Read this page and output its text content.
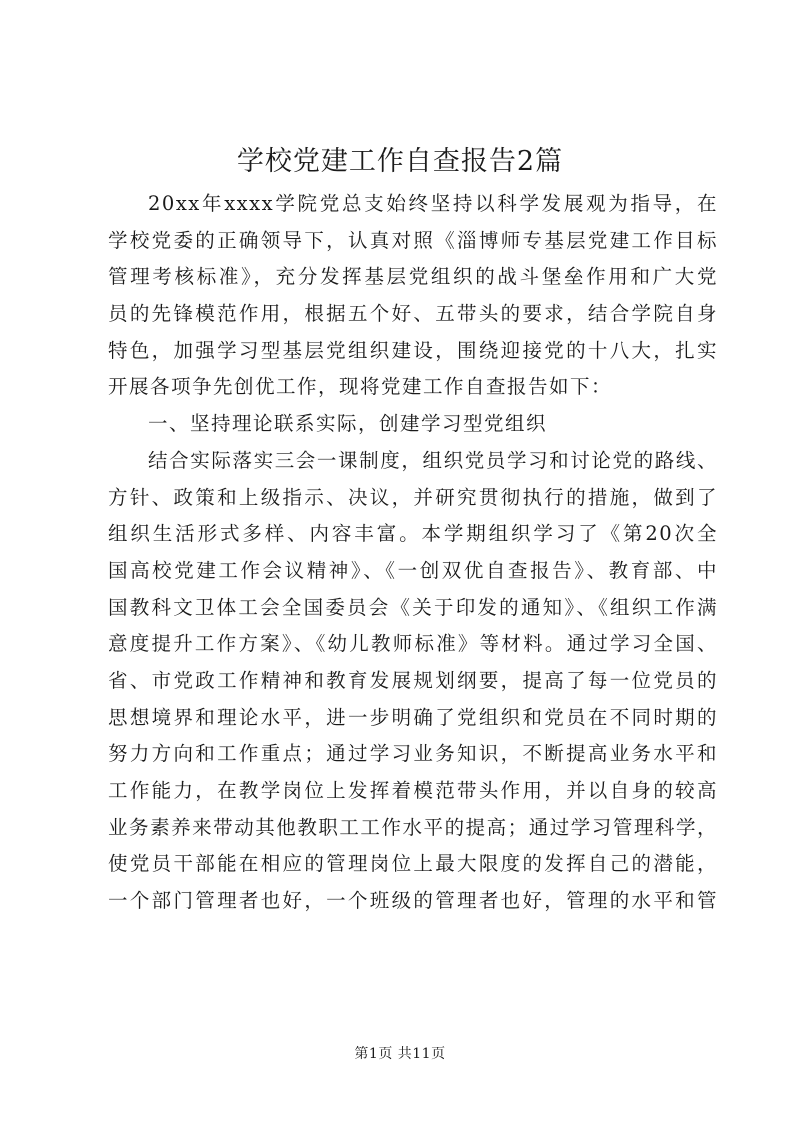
学校党建工作自查报告2篇
20xx年xxxx学院党总支始终坚持以科学发展观为指导，在
学校党委的正确领导下，认真对照《淄博师专基层党建工作目标
管理考核标准》，充分发挥基层党组织的战斗堡垒作用和广大党
员的先锋模范作用，根据五个好、五带头的要求，结合学院自身
特色，加强学习型基层党组织建设，围绕迎接党的十八大，扎实
开展各项争先创优工作，现将党建工作自查报告如下：
一、坚持理论联系实际，创建学习型党组织
结合实际落实三会一课制度，组织党员学习和讨论党的路线、
方针、政策和上级指示、决议，并研究贯彻执行的措施，做到了
组织生活形式多样、内容丰富。本学期组织学习了《第20次全
国高校党建工作会议精神》、《一创双优自查报告》、教育部、中
国教科文卫体工会全国委员会《关于印发的通知》、《组织工作满
意度提升工作方案》、《幼儿教师标准》等材料。通过学习全国、
省、市党政工作精神和教育发展规划纲要，提高了每一位党员的
思想境界和理论水平，进一步明确了党组织和党员在不同时期的
努力方向和工作重点；通过学习业务知识，不断提高业务水平和
工作能力，在教学岗位上发挥着模范带头作用，并以自身的较高
业务素养来带动其他教职工工作水平的提高；通过学习管理科学，
使党员干部能在相应的管理岗位上最大限度的发挥自己的潜能，
一个部门管理者也好，一个班级的管理者也好，管理的水平和管
第1页 共11页
